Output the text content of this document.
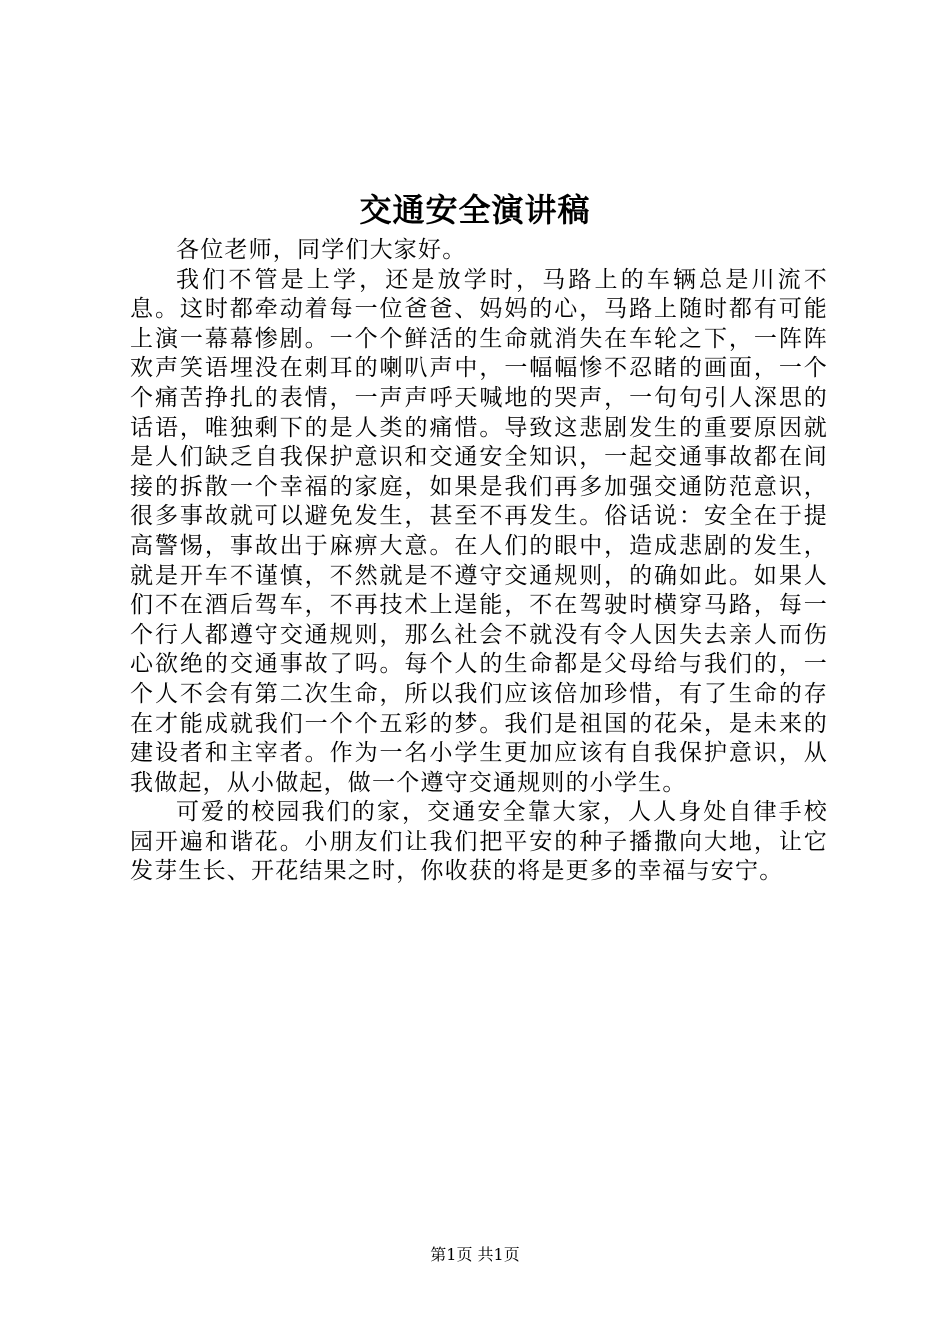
交通安全演讲稿

各位老师，同学们大家好。

我们不管是上学，还是放学时，马路上的车辆总是川流不息。这时都牵动着每一位爸爸、妈妈的心，马路上随时都有可能上演一幕幕惨剧。一个个鲜活的生命就消失在车轮之下，一阵阵欢声笑语埋没在刺耳的喇叭声中，一幅幅惨不忍睹的画面，一个个痛苦挣扎的表情，一声声呼天喊地的哭声，一句句引人深思的话语，唯独剩下的是人类的痛惜。导致这悲剧发生的重要原因就是人们缺乏自我保护意识和交通安全知识，一起交通事故都在间接的拆散一个幸福的家庭，如果是我们再多加强交通防范意识，很多事故就可以避免发生，甚至不再发生。俗话说：安全在于提高警惕，事故出于麻痹大意。在人们的眼中，造成悲剧的发生，就是开车不谨慎，不然就是不遵守交通规则，的确如此。如果人们不在酒后驾车，不再技术上逞能，不在驾驶时横穿马路，每一个行人都遵守交通规则，那么社会不就没有令人因失去亲人而伤心欲绝的交通事故了吗。每个人的生命都是父母给与我们的，一个人不会有第二次生命，所以我们应该倍加珍惜，有了生命的存在才能成就我们一个个五彩的梦。我们是祖国的花朵，是未来的建设者和主宰者。作为一名小学生更加应该有自我保护意识，从我做起，从小做起，做一个遵守交通规则的小学生。

可爱的校园我们的家，交通安全靠大家，人人身处自律手校园开遍和谐花。小朋友们让我们把平安的种子播撒向大地，让它发芽生长、开花结果之时，你收获的将是更多的幸福与安宁。

第1页 共1页
